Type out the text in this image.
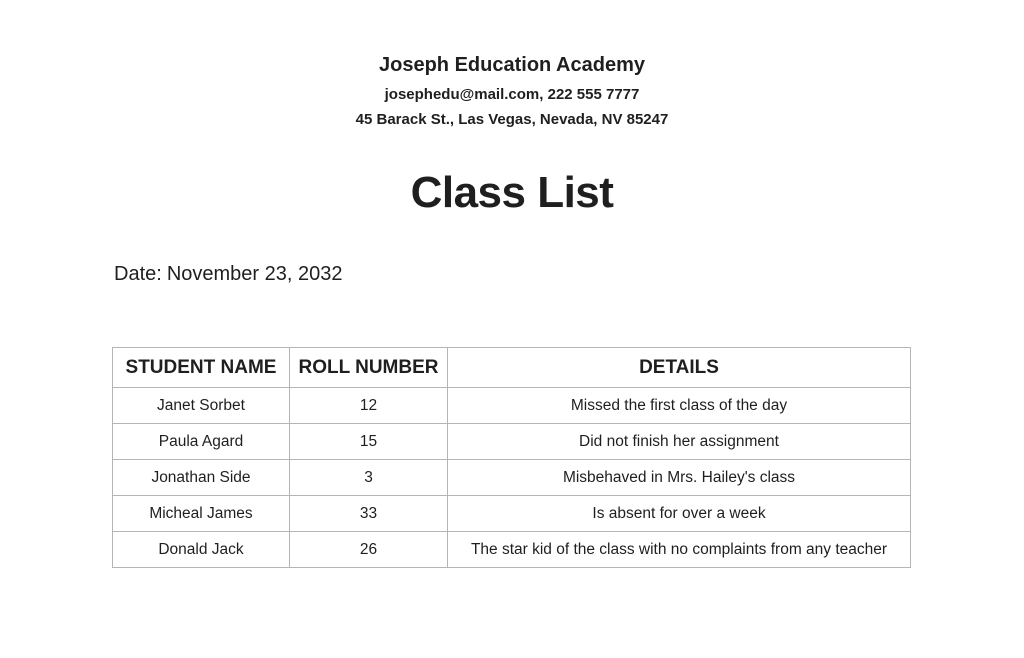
Joseph Education Academy
josephedu@mail.com, 222 555 7777
45 Barack St., Las Vegas, Nevada, NV 85247
Class List
Date: November 23, 2032
STUDENT NAME	ROLL NUMBER	DETAILS
Janet Sorbet	12	Missed the first class of the day
Paula Agard	15	Did not finish her assignment
Jonathan Side	3	Misbehaved in Mrs. Hailey's class
Micheal James	33	Is absent for over a week
Donald Jack	26	The star kid of the class with no complaints from any teacher
